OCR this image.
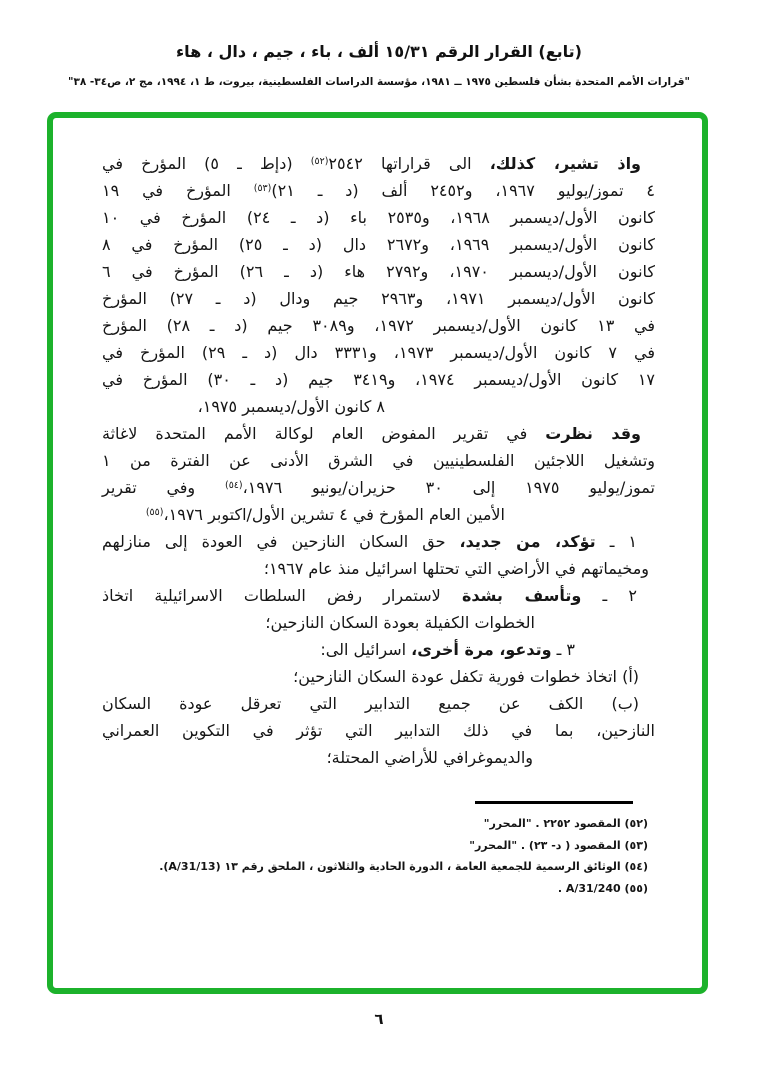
(تابع) القرار الرقم ١٥/٣١ ألف ، باء ، جيم ، دال ، هاء
"قرارات الأمم المتحدة بشأن فلسطين ١٩٧٥ ــ ١٩٨١، مؤسسة الدراسات الفلسطينية، بيروت، ط ١، ١٩٩٤، مج ٢، ص٣٤- ٣٨"
واذ تشير، كذلك، الى قراراتها ٢٥٤٢$^{(٥٢)}$ (دإط ـ ٥) المؤرخ في
٤ تموز/يوليو ١٩٦٧، و٢٤٥٢ ألف (د ـ ٢١)$^{(٥٣)}$ المؤرخ في ١٩
كانون الأول/ديسمبر ١٩٦٨، و٢٥٣٥ باء (د ـ ٢٤) المؤرخ في ١٠
كانون الأول/ديسمبر ١٩٦٩، و٢٦٧٢ دال (د ـ ٢٥) المؤرخ في ٨
كانون الأول/ديسمبر ١٩٧٠، و٢٧٩٢ هاء (د ـ ٢٦) المؤرخ في ٦
كانون الأول/ديسمبر ١٩٧١، و٢٩٦٣ جيم ودال (د ـ ٢٧) المؤرخ
في ١٣ كانون الأول/ديسمبر ١٩٧٢، و٣٠٨٩ جيم (د ـ ٢٨) المؤرخ
في ٧ كانون الأول/ديسمبر ١٩٧٣، و٣٣٣١ دال (د ـ ٢٩) المؤرخ في
١٧ كانون الأول/ديسمبر ١٩٧٤، و٣٤١٩ جيم (د ـ ٣٠) المؤرخ في
٨ كانون الأول/ديسمبر ١٩٧٥،
وقد نظرت في تقرير المفوض العام لوكالة الأمم المتحدة لاغاثة
وتشغيل اللاجئين الفلسطينيين في الشرق الأدنى عن الفترة من ١
تموز/يوليو ١٩٧٥ إلى ٣٠ حزيران/يونيو ١٩٧٦،$^{(٥٤)}$ وفي تقرير
الأمين العام المؤرخ في ٤ تشرين الأول/اكتوبر ١٩٧٦،$^{(٥٥)}$
١ ـ تؤكد، من جديد، حق السكان النازحين في العودة إلى منازلهم
ومخيماتهم في الأراضي التي تحتلها اسرائيل منذ عام ١٩٦٧؛
٢ ـ وتأسف بشدة لاستمرار رفض السلطات الاسرائيلية اتخاذ
الخطوات الكفيلة بعودة السكان النازحين؛
٣ ـ وتدعو، مرة أخرى، اسرائيل الى:
(أ) اتخاذ خطوات فورية تكفل عودة السكان النازحين؛
(ب) الكف عن جميع التدابير التي تعرقل عودة السكان
النازحين، بما في ذلك التدابير التي تؤثر في التكوين العمراني
والديموغرافي للأراضي المحتلة؛
(٥٢) المقصود ٢٢٥٢ . "المحرر"
(٥٣) المقصود ( د- ٢٣) . "المحرر"
(٥٤) الوثائق الرسمية للجمعية العامة ، الدورة الحادية والثلاثون ، الملحق رقم ١٣ (A/31/13).
(٥٥) A/31/240 .
٦
